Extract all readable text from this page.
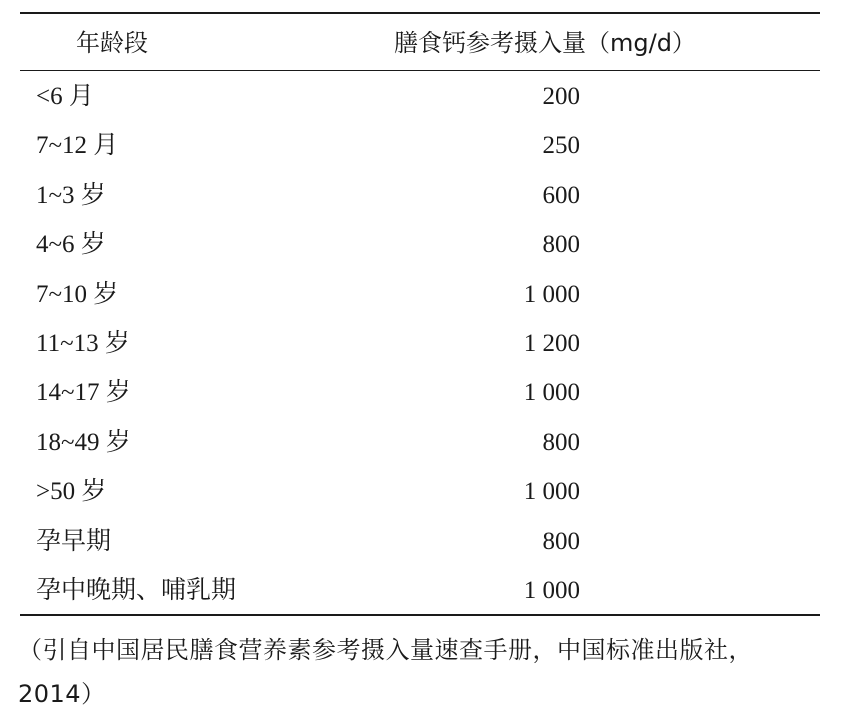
年龄段	膳食钙参考摄入量（mg/d）
<6 月	200
7~12 月	250
1~3 岁	600
4~6 岁	800
7~10 岁	1 000
11~13 岁	1 200
14~17 岁	1 000
18~49 岁	800
>50 岁	1 000
孕早期	800
孕中晚期、哺乳期	1 000
（引自中国居民膳食营养素参考摄入量速查手册，中国标准出版社，2014）
